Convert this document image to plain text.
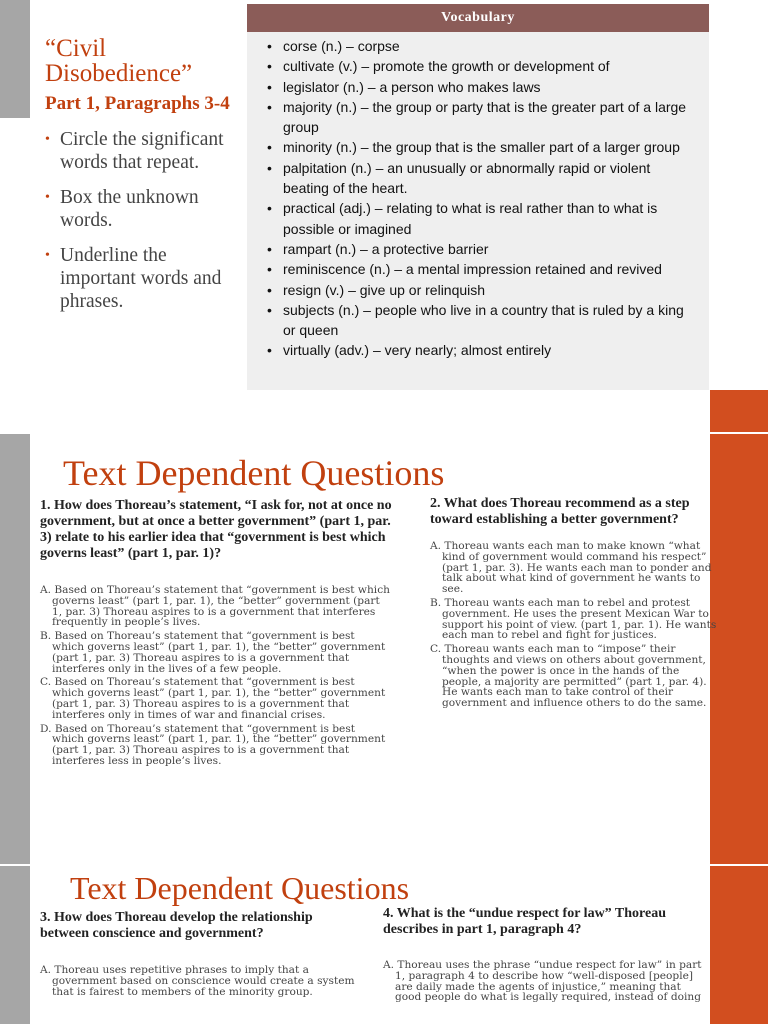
“Civil
Disobedience”
Part 1, Paragraphs 3-4
• Circle the significant words that repeat.
• Box the unknown words.
• Underline the important words and phrases.
Vocabulary
• corse (n.) – corpse
• cultivate (v.) – promote the growth or development of
• legislator (n.) – a person who makes laws
• majority (n.) – the group or party that is the greater part of a large group
• minority (n.) – the group that is the smaller part of a larger group
• palpitation (n.) – an unusually or abnormally rapid or violent beating of the heart.
• practical (adj.) – relating to what is real rather than to what is possible or imagined
• rampart (n.) – a protective barrier
• reminiscence (n.) – a mental impression retained and revived
• resign (v.) – give up or relinquish
• subjects (n.) – people who live in a country that is ruled by a king or queen
• virtually (adv.) – very nearly; almost entirely
Text Dependent Questions
1. How does Thoreau’s statement, “I ask for, not at once no government, but at once a better government” (part 1, par. 3) relate to his earlier idea that “government is best which governs least” (part 1, par. 1)?
A. Based on Thoreau’s statement that “government is best which governs least” (part 1, par. 1), the “better” government (part 1, par. 3) Thoreau aspires to is a government that interferes frequently in people’s lives.
B. Based on Thoreau’s statement that “government is best which governs least” (part 1, par. 1), the “better” government (part 1, par. 3) Thoreau aspires to is a government that interferes only in the lives of a few people.
C. Based on Thoreau’s statement that “government is best which governs least” (part 1, par. 1), the “better” government (part 1, par. 3) Thoreau aspires to is a government that interferes only in times of war and financial crises.
D. Based on Thoreau’s statement that “government is best which governs least” (part 1, par. 1), the “better” government (part 1, par. 3) Thoreau aspires to is a government that interferes less in people’s lives.
2. What does Thoreau recommend as a step toward establishing a better government?
A. Thoreau wants each man to make known “what kind of government would command his respect” (part 1, par. 3). He wants each man to ponder and talk about what kind of government he wants to see.
B. Thoreau wants each man to rebel and protest government. He uses the present Mexican War to support his point of view. (part 1, par. 1). He wants each man to rebel and fight for justices.
C. Thoreau wants each man to “impose” their thoughts and views on others about government, “when the power is once in the hands of the people, a majority are permitted” (part 1, par. 4). He wants each man to take control of their government and influence others to do the same.
Text Dependent Questions
3. How does Thoreau develop the relationship between conscience and government?
A. Thoreau uses repetitive phrases to imply that a government based on conscience would create a system that is fairest to members of the minority group.
4. What is the “undue respect for law” Thoreau describes in part 1, paragraph 4?
A. Thoreau uses the phrase “undue respect for law” in part 1, paragraph 4 to describe how “well-disposed [people] are daily made the agents of injustice,” meaning that good people do what is legally required, instead of doing
